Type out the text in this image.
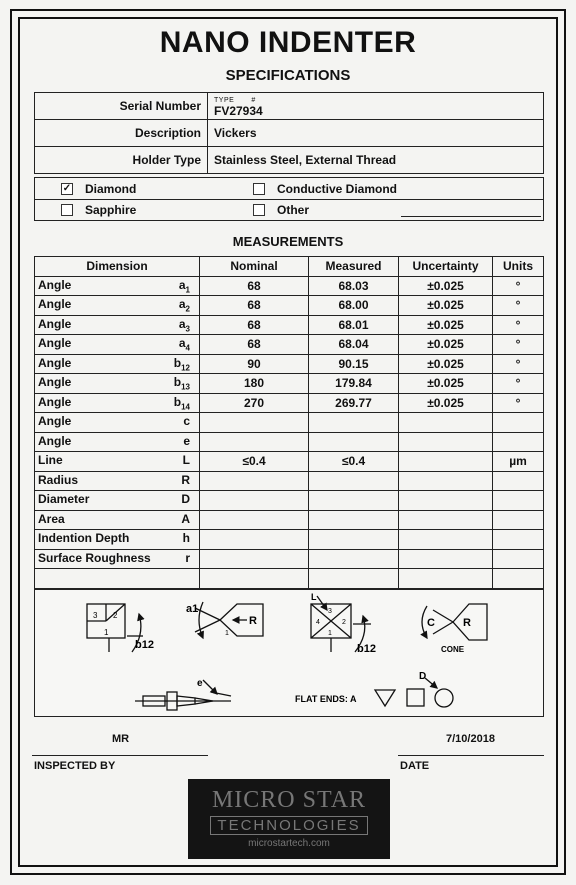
NANO INDENTER
SPECIFICATIONS
Serial Number	TYPE       #
FV27934

Description	Vickers
Holder Type	Stainless Steel, External Thread
✓ Diamond	Conductive Diamond
Sapphire	Other
MEASUREMENTS
Dimension	Nominal	Measured	Uncertainty	Units

Angle $a_1$	68	68.03	±0.025	°

Angle $a_2$	68	68.00	±0.025	°

Angle $a_3$	68	68.01	±0.025	°

Angle $a_4$	68	68.04	±0.025	°

Angle $b_{12}$	90	90.15	±0.025	°

Angle $b_{13}$	180	179.84	±0.025	°

Angle $b_{14}$	270	269.77	±0.025	°

Angle c				

Angle e				

Line L	≤0.4	≤0.4		µm

Radius R				

Diameter D				

Area A				

Indention Depth h				

Surface Roughness r				

3 2
1
b12
a1
R
1
L
3
4	2
1
b12
C	R
CONE
e
FLAT ENDS: A
D
MR
INSPECTED BY
7/10/2018
DATE
MICRO STAR
TECHNOLOGIES
microstartech.com
